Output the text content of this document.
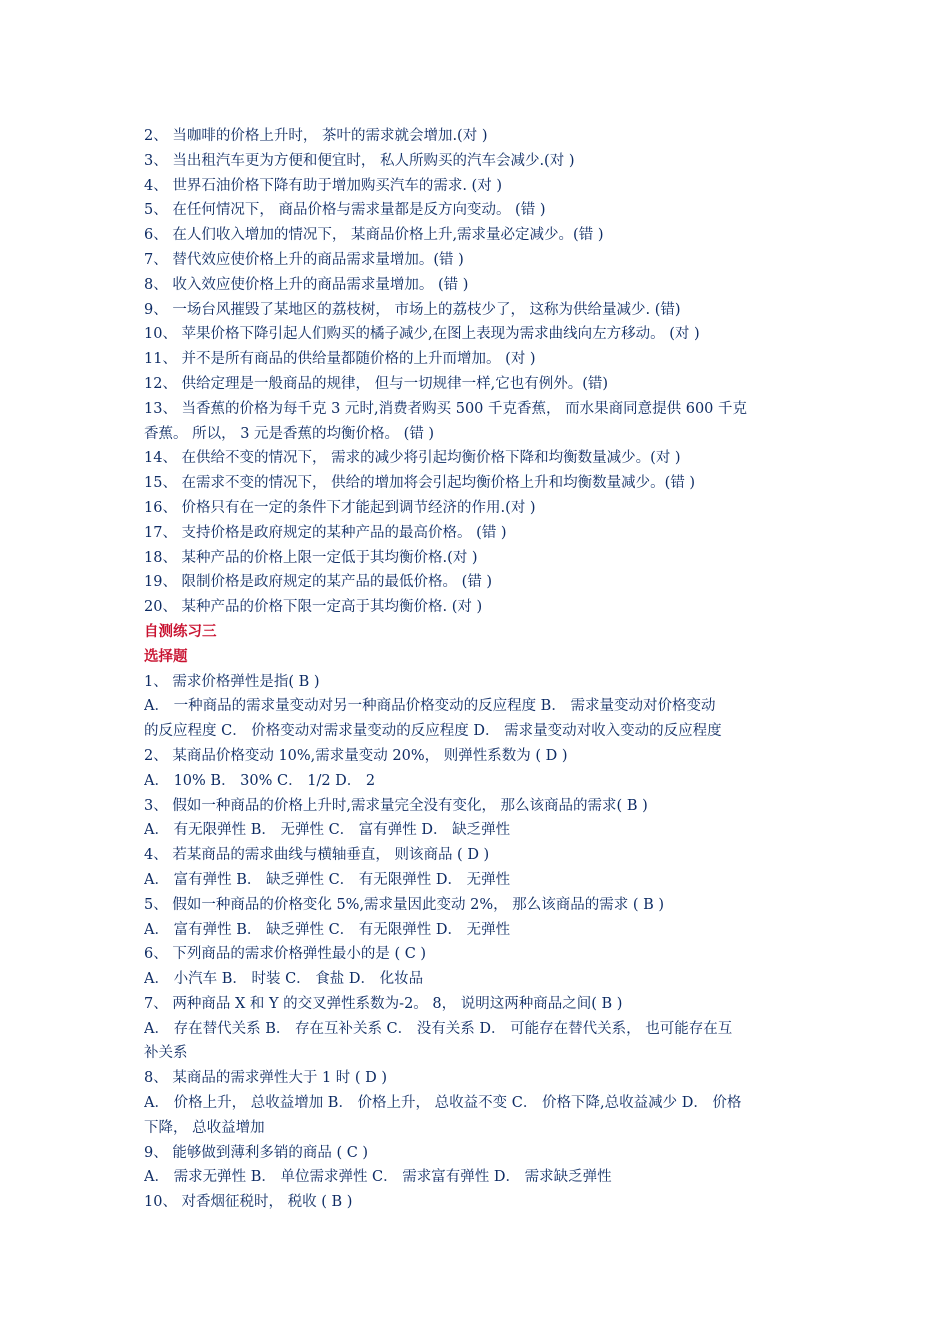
2、 当咖啡的价格上升时， 茶叶的需求就会增加.(对 )
3、 当出租汽车更为方便和便宜时， 私人所购买的汽车会减少.(对 )
4、 世界石油价格下降有助于增加购买汽车的需求. (对 )
5、 在任何情况下， 商品价格与需求量都是反方向变动。 (错 )
6、 在人们收入增加的情况下， 某商品价格上升,需求量必定减少。(错 )
7、 替代效应使价格上升的商品需求量增加。(错 )
8、 收入效应使价格上升的商品需求量增加。 (错 )
9、 一场台风摧毁了某地区的荔枝树， 市场上的荔枝少了， 这称为供给量减少. (错)
10、 苹果价格下降引起人们购买的橘子减少,在图上表现为需求曲线向左方移动。 (对 )
11、 并不是所有商品的供给量都随价格的上升而增加。 (对 )
12、 供给定理是一般商品的规律， 但与一切规律一样,它也有例外。(错)
13、 当香蕉的价格为每千克 3 元时,消费者购买 500 千克香蕉， 而水果商同意提供 600 千克
香蕉。 所以， 3 元是香蕉的均衡价格。 (错 )
14、 在供给不变的情况下， 需求的减少将引起均衡价格下降和均衡数量减少。(对 )
15、 在需求不变的情况下， 供给的增加将会引起均衡价格上升和均衡数量减少。(错 )
16、 价格只有在一定的条件下才能起到调节经济的作用.(对 )
17、 支持价格是政府规定的某种产品的最高价格。 (错 )
18、 某种产品的价格上限一定低于其均衡价格.(对 )
19、 限制价格是政府规定的某产品的最低价格。 (错 )
20、 某种产品的价格下限一定高于其均衡价格. (对 )
自测练习三
选择题
1、 需求价格弹性是指( B )
A． 一种商品的需求量变动对另一种商品价格变动的反应程度 B． 需求量变动对价格变动
的反应程度 C． 价格变动对需求量变动的反应程度 D． 需求量变动对收入变动的反应程度
2、 某商品价格变动 10%,需求量变动 20%， 则弹性系数为 ( D )
A． 10% B． 30% C． 1/2 D． 2
3、 假如一种商品的价格上升时,需求量完全没有变化， 那么该商品的需求( B )
A． 有无限弹性 B． 无弹性 C． 富有弹性 D． 缺乏弹性
4、 若某商品的需求曲线与横轴垂直， 则该商品 ( D )
A． 富有弹性 B． 缺乏弹性 C． 有无限弹性 D． 无弹性
5、 假如一种商品的价格变化 5%,需求量因此变动 2%， 那么该商品的需求 ( B )
A． 富有弹性 B． 缺乏弹性 C． 有无限弹性 D． 无弹性
6、 下列商品的需求价格弹性最小的是 ( C )
A． 小汽车 B． 时装 C． 食盐 D． 化妆品
7、 两种商品 X 和 Y 的交叉弹性系数为-2。 8， 说明这两种商品之间( B )
A． 存在替代关系 B． 存在互补关系 C． 没有关系 D． 可能存在替代关系， 也可能存在互
补关系
8、 某商品的需求弹性大于 1 时 ( D )
A． 价格上升， 总收益增加 B． 价格上升， 总收益不变 C． 价格下降,总收益减少 D． 价格
下降， 总收益增加
9、 能够做到薄利多销的商品 ( C )
A． 需求无弹性 B． 单位需求弹性 C． 需求富有弹性 D． 需求缺乏弹性
10、 对香烟征税时， 税收 ( B )
